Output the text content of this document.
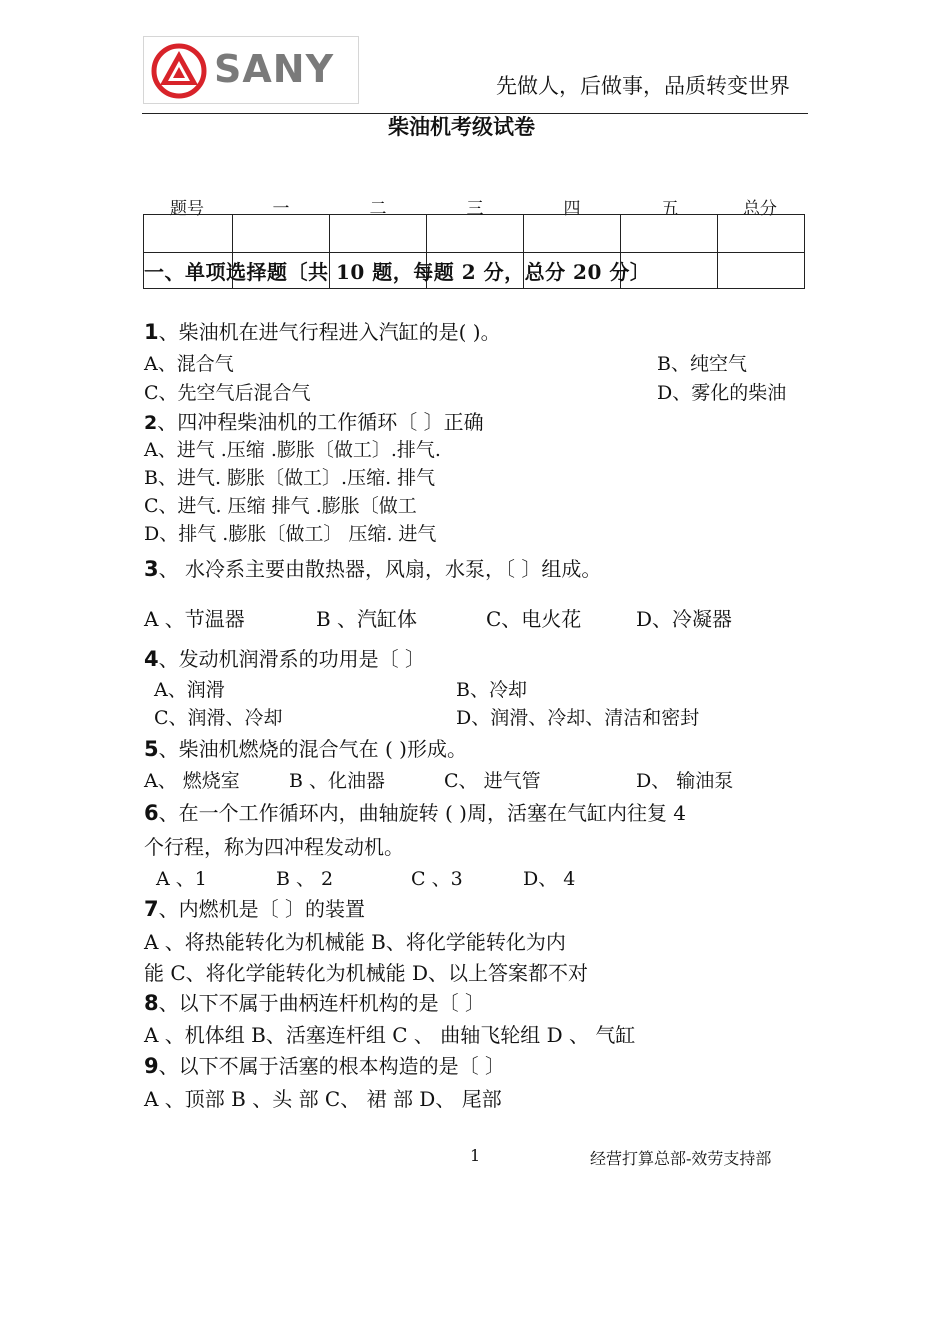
SANY	先做人，后做事，品质转变世界
柴油机考级试卷
题号	一	二	三	四	五	总分

一、单项选择题〔共 10 题，每题 2 分，总分 20 分〕
1、柴油机在进气行程进入汽缸的是( )。
A、混合气	B、纯空气
C、先空气后混合气	D、雾化的柴油
2、四冲程柴油机的工作循环〔 〕正确
A、进气 .压缩 .膨胀〔做工〕.排气.
B、进气. 膨胀〔做工〕.压缩. 排气
C、进气. 压缩 排气 .膨胀〔做工
D、排气 .膨胀〔做工〕 压缩. 进气
3、 水冷系主要由散热器，风扇，水泵，〔 〕组成。
A 、节温器	B 、汽缸体	C、电火花	D、冷凝器
4、发动机润滑系的功用是〔 〕
A、润滑	B、冷却
C、润滑、冷却	D、润滑、冷却、清洁和密封
5、柴油机燃烧的混合气在 ( )形成。
A、 燃烧室	B 、化油器	C、 进气管	D、 输油泵
6、在一个工作循环内，曲轴旋转 ( )周，活塞在气缸内往复 4
个行程，称为四冲程发动机。
A 、1	B 、 2	C 、3	D、 4
7、内燃机是〔 〕的装置
A 、将热能转化为机械能 B、将化学能转化为内
能 C、将化学能转化为机械能 D、以上答案都不对
8、以下不属于曲柄连杆机构的是〔 〕
A 、机体组 B、活塞连杆组 C 、 曲轴飞轮组 D 、 气缸
9、以下不属于活塞的根本构造的是〔 〕
A 、顶部 B 、头 部 C、 裙 部 D、 尾部
1	经营打算总部-效劳支持部
